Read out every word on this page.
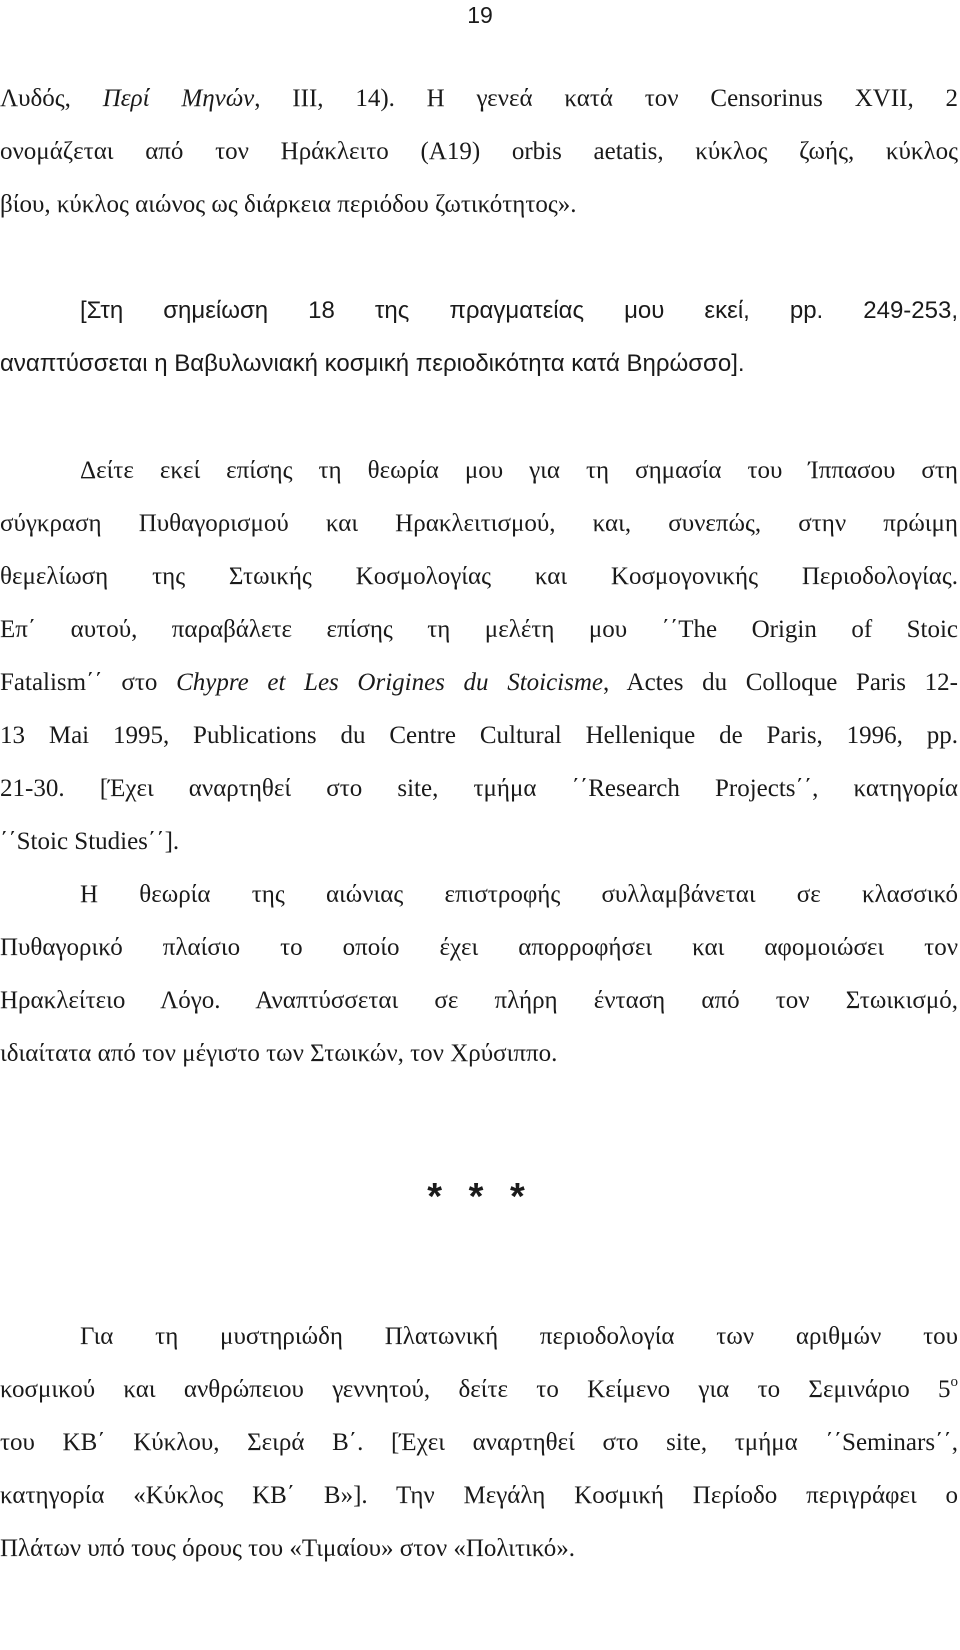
19
Λυδός, Περί Μηνών, ΙΙΙ, 14). Η γενεά κατά τον Censorinus XVII, 2
ονομάζεται από τον Ηράκλειτο (Α19) orbis aetatis, κύκλος ζωής, κύκλος
βίου, κύκλος αιώνος ως διάρκεια περιόδου ζωτικότητος».
[Στη σημείωση 18 της πραγματείας μου εκεί, pp. 249-253,
αναπτύσσεται η Βαβυλωνιακή κοσμική περιοδικότητα κατά Βηρώσσο].
Δείτε εκεί επίσης τη θεωρία μου για τη σημασία του Ίππασου στη
σύγκραση Πυθαγορισμού και Ηρακλειτισμού, και, συνεπώς, στην πρώιμη
θεμελίωση της Στωικής Κοσμολογίας και Κοσμογονικής Περιοδολογίας.
Επ΄ αυτού, παραβάλετε επίσης τη μελέτη μου ΄΄The Origin of Stoic
Fatalism΄΄ στο Chypre et Les Origines du Stoicisme, Actes du Colloque Paris 12-
13 Mai 1995, Publications du Centre Cultural Hellenique de Paris, 1996, pp.
21-30. [Έχει αναρτηθεί στο site, τμήμα ΄΄Research Projects΄΄, κατηγορία
΄΄Stoic Studies΄΄].
Η θεωρία της αιώνιας επιστροφής συλλαμβάνεται σε κλασσικό
Πυθαγορικό πλαίσιο το οποίο έχει απορροφήσει και αφομοιώσει τον
Ηρακλείτειο Λόγο. Αναπτύσσεται σε πλήρη ένταση από τον Στωικισμό,
ιδιαίτατα από τον μέγιστο των Στωικών, τον Χρύσιππο.
* * *
Για τη μυστηριώδη Πλατωνική περιοδολογία των αριθμών του
κοσμικού και ανθρώπειου γεννητού, δείτε το Κείμενο για το Σεμινάριο $5^o$
του ΚΒ΄ Κύκλου, Σειρά Β΄. [Έχει αναρτηθεί στο site, τμήμα ΄΄Seminars΄΄,
κατηγορία «Κύκλος ΚΒ΄ Β»]. Την Μεγάλη Κοσμική Περίοδο περιγράφει ο
Πλάτων υπό τους όρους του «Τιμαίου» στον «Πολιτικό».
